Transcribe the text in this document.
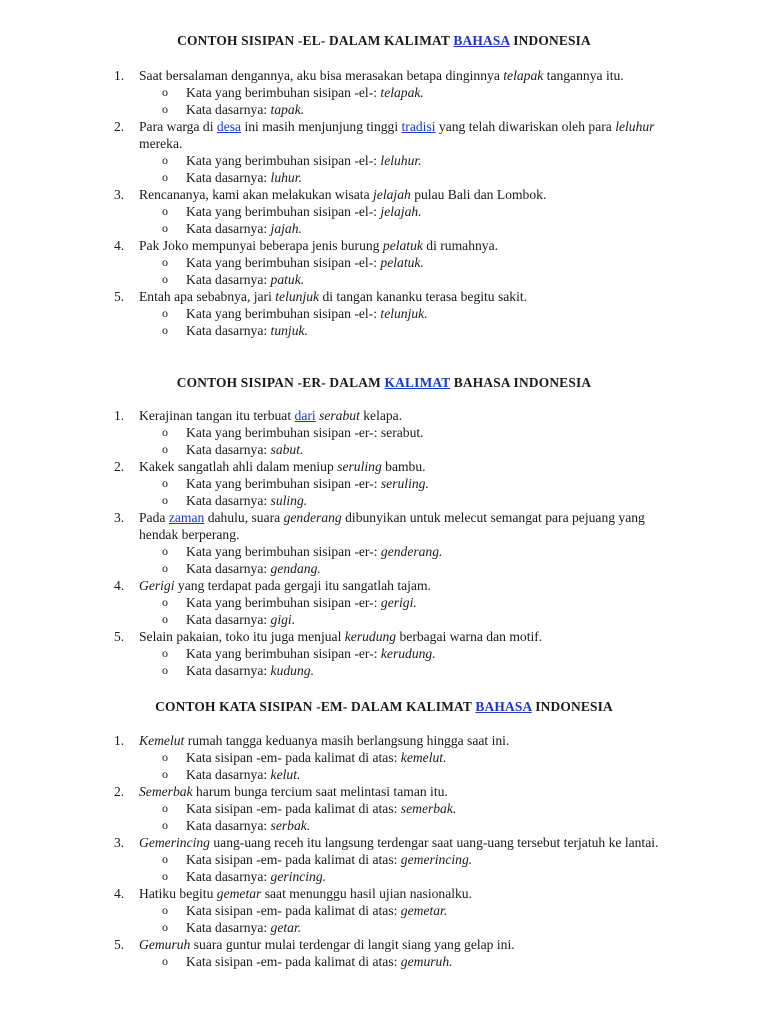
CONTOH SISIPAN -EL- DALAM KALIMAT BAHASA INDONESIA
1. Saat bersalaman dengannya, aku bisa merasakan betapa dinginnya telapak tangannya itu.
o Kata yang berimbuhan sisipan -el-: telapak.
o Kata dasarnya: tapak.
2. Para warga di desa ini masih menjunjung tinggi tradisi yang telah diwariskan oleh para leluhur mereka.
o Kata yang berimbuhan sisipan -el-: leluhur.
o Kata dasarnya: luhur.
3. Rencananya, kami akan melakukan wisata jelajah pulau Bali dan Lombok.
o Kata yang berimbuhan sisipan -el-: jelajah.
o Kata dasarnya: jajah.
4. Pak Joko mempunyai beberapa jenis burung pelatuk di rumahnya.
o Kata yang berimbuhan sisipan -el-: pelatuk.
o Kata dasarnya: patuk.
5. Entah apa sebabnya, jari telunjuk di tangan kananku terasa begitu sakit.
o Kata yang berimbuhan sisipan -el-: telunjuk.
o Kata dasarnya: tunjuk.
CONTOH SISIPAN -ER- DALAM KALIMAT BAHASA INDONESIA
1. Kerajinan tangan itu terbuat dari serabut kelapa.
o Kata yang berimbuhan sisipan -er-: serabut.
o Kata dasarnya: sabut.
2. Kakek sangatlah ahli dalam meniup seruling bambu.
o Kata yang berimbuhan sisipan -er-: seruling.
o Kata dasarnya: suling.
3. Pada zaman dahulu, suara genderang dibunyikan untuk melecut semangat para pejuang yang hendak berperang.
o Kata yang berimbuhan sisipan -er-: genderang.
o Kata dasarnya: gendang.
4. Gerigi yang terdapat pada gergaji itu sangatlah tajam.
o Kata yang berimbuhan sisipan -er-: gerigi.
o Kata dasarnya: gigi.
5. Selain pakaian, toko itu juga menjual kerudung berbagai warna dan motif.
o Kata yang berimbuhan sisipan -er-: kerudung.
o Kata dasarnya: kudung.
CONTOH KATA SISIPAN -EM- DALAM KALIMAT BAHASA INDONESIA
1. Kemelut rumah tangga keduanya masih berlangsung hingga saat ini.
o Kata sisipan -em- pada kalimat di atas: kemelut.
o Kata dasarnya: kelut.
2. Semerbak harum bunga tercium saat melintasi taman itu.
o Kata sisipan -em- pada kalimat di atas: semerbak.
o Kata dasarnya: serbak.
3. Gemerincing uang-uang receh itu langsung terdengar saat uang-uang tersebut terjatuh ke lantai.
o Kata sisipan -em- pada kalimat di atas: gemerincing.
o Kata dasarnya: gerincing.
4. Hatiku begitu gemetar saat menunggu hasil ujian nasionalku.
o Kata sisipan -em- pada kalimat di atas: gemetar.
o Kata dasarnya: getar.
5. Gemuruh suara guntur mulai terdengar di langit siang yang gelap ini.
o Kata sisipan -em- pada kalimat di atas: gemuruh.
